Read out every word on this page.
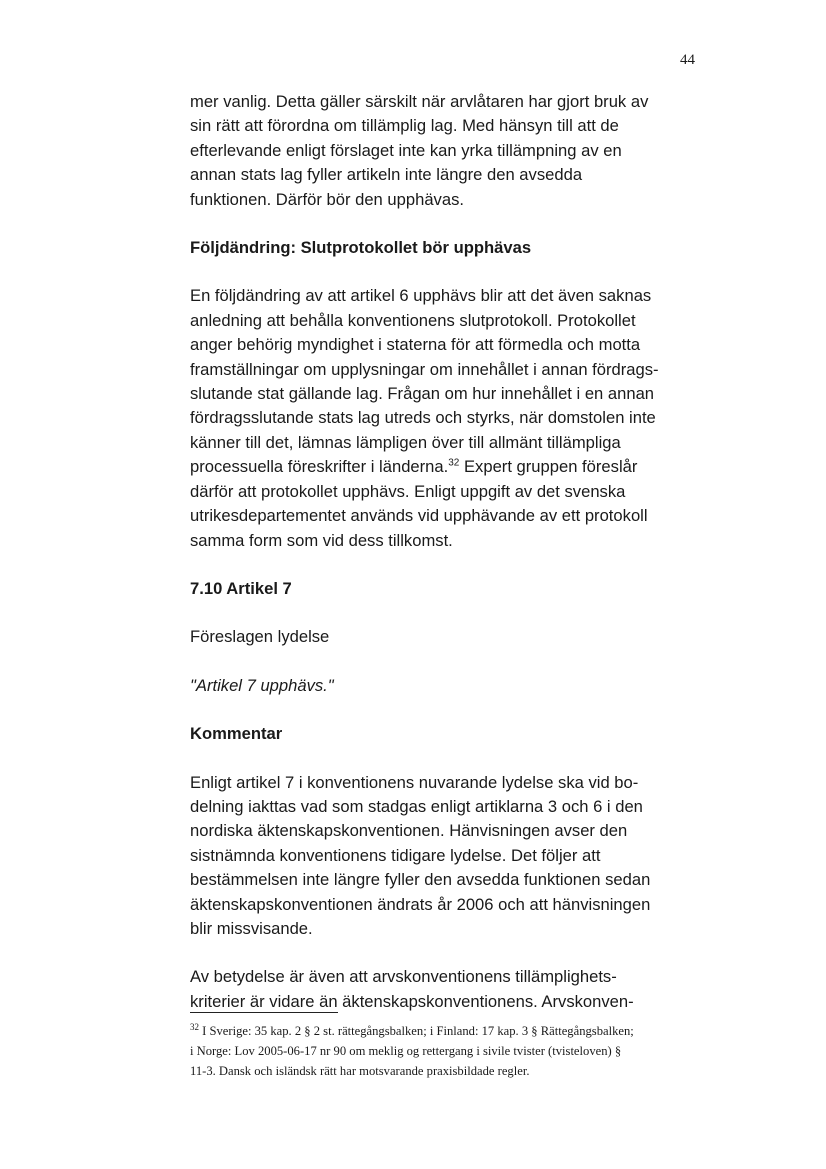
44

mer vanlig. Detta gäller särskilt när arvlåtaren har gjort bruk av
sin rätt att förordna om tillämplig lag. Med hänsyn till att de
efterlevande enligt förslaget inte kan yrka tillämpning av en
annan stats lag fyller artikeln inte längre den avsedda
funktionen. Därför bör den upphävas.

Följdändring: Slutprotokollet bör upphävas

En följdändring av att artikel 6 upphävs blir att det även saknas
anledning att behålla konventionens slutprotokoll. Protokollet
anger behörig myndighet i staterna för att förmedla och motta
framställningar om upplysningar om innehållet i annan fördrags-
slutande stat gällande lag. Frågan om hur innehållet i en annan
fördragsslutande stats lag utreds och styrks, när domstolen inte
känner till det, lämnas lämpligen över till allmänt tillämpliga
processuella föreskrifter i länderna.$^{32}$ Expert gruppen föreslår
därför att protokollet upphävs. Enligt uppgift av det svenska
utrikesdepartementet används vid upphävande av ett protokoll
samma form som vid dess tillkomst.

7.10 Artikel 7

Föreslagen lydelse

"Artikel 7 upphävs."

Kommentar

Enligt artikel 7 i konventionens nuvarande lydelse ska vid bo-
delning iakttas vad som stadgas enligt artiklarna 3 och 6 i den
nordiska äktenskapskonventionen. Hänvisningen avser den
sistnämnda konventionens tidigare lydelse. Det följer att
bestämmelsen inte längre fyller den avsedda funktionen sedan
äktenskapskonventionen ändrats år 2006 och att hänvisningen
blir missvisande.

Av betydelse är även att arvskonventionens tillämplighets-
kriterier är vidare än äktenskapskonventionens. Arvskonven-

$^{32}$ I Sverige: 35 kap. 2 § 2 st. rättegångsbalken; i Finland: 17 kap. 3 § Rättegångsbalken;
i Norge: Lov 2005-06-17 nr 90 om meklig og rettergang i sivile tvister (tvisteloven) §
11-3. Dansk och isländsk rätt har motsvarande praxisbildade regler.
